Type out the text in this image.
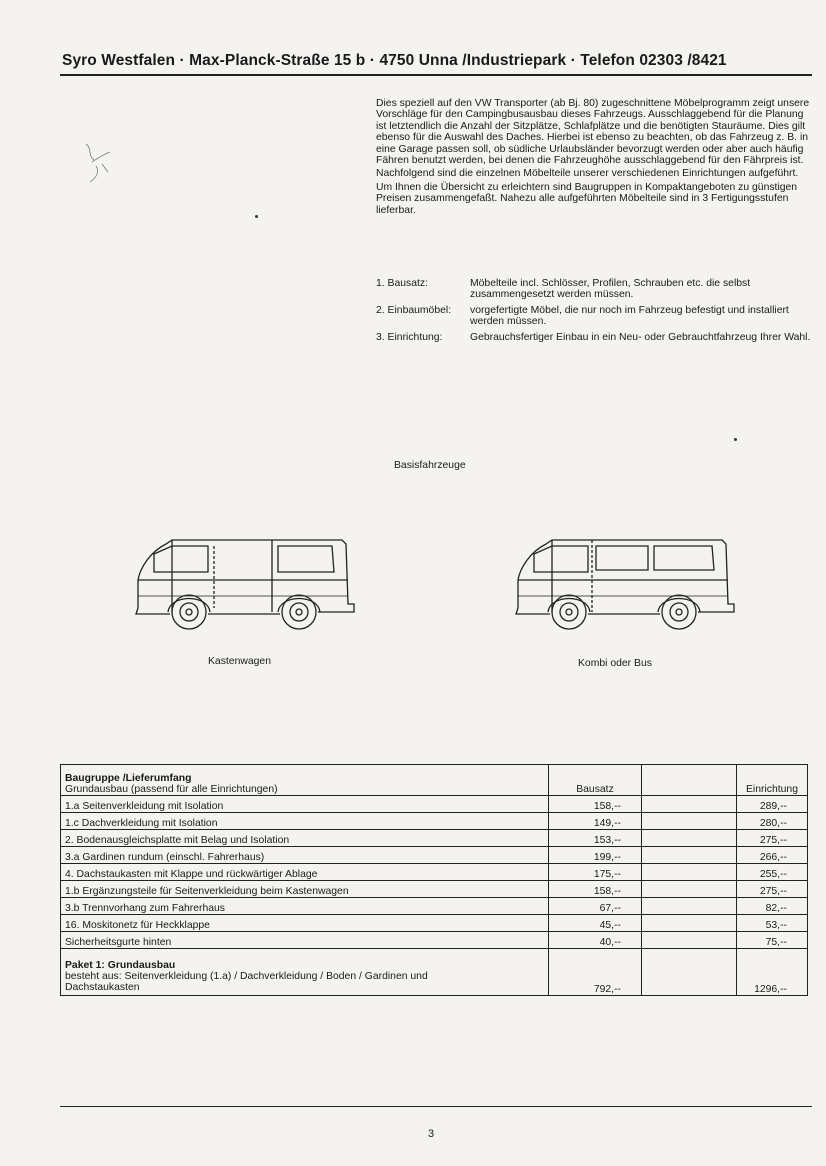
Syro Westfalen · Max-Planck-Straße 15 b · 4750 Unna /Industriepark · Telefon 02303 /8421

Dies speziell auf den VW Transporter (ab Bj. 80) zugeschnittene Möbelprogramm zeigt unsere Vorschläge für den Campingbusausbau dieses Fahrzeugs. Ausschlaggebend für die Planung ist letztendlich die Anzahl der Sitzplätze, Schlafplätze und die benötigten Stauräume. Dies gilt ebenso für die Auswahl des Daches. Hierbei ist ebenso zu beachten, ob das Fahrzeug z. B. in eine Garage passen soll, ob südliche Urlaubsländer bevorzugt werden oder aber auch häufig Fähren benutzt werden, bei denen die Fahrzeughöhe ausschlaggebend für den Fährpreis ist.

Nachfolgend sind die einzelnen Möbelteile unserer verschiedenen Einrichtungen aufgeführt.

Um Ihnen die Übersicht zu erleichtern sind Baugruppen in Kompaktangeboten zu günstigen Preisen zusammengefaßt. Nahezu alle aufgeführten Möbelteile sind in 3 Fertigungsstufen lieferbar.

1. Bausatz:	Möbelteile incl. Schlösser, Profilen, Schrauben etc. die selbst zusammengesetzt werden müssen.
2. Einbaumöbel:	vorgefertigte Möbel, die nur noch im Fahrzeug befestigt und installiert werden müssen.
3. Einrichtung:	Gebrauchsfertiger Einbau in ein Neu- oder Gebrauchtfahrzeug Ihrer Wahl.
Basisfahrzeuge
Kastenwagen	Kombi oder Bus
Baugruppe /Lieferumfang
Grundausbau (passend für alle Einrichtungen)	Bausatz		Einrichtung
1.a Seitenverkleidung mit Isolation	158,--		289,--
1.c Dachverkleidung mit Isolation	149,--		280,--
2. Bodenausgleichsplatte mit Belag und Isolation	153,--		275,--
3.a Gardinen rundum (einschl. Fahrerhaus)	199,--		266,--
4. Dachstaukasten mit Klappe und rückwärtiger Ablage	175,--		255,--
1.b Ergänzungsteile für Seitenverkleidung beim Kastenwagen	158,--		275,--
3.b Trennvorhang zum Fahrerhaus	67,--		82,--
16. Moskitonetz für Heckklappe	45,--		53,--
Sicherheitsgurte hinten	40,--		75,--

Paket 1: Grundausbau
besteht aus: Seitenverkleidung (1.a) / Dachverkleidung / Boden / Gardinen und Dachstaukasten	792,--		1296,--
3
